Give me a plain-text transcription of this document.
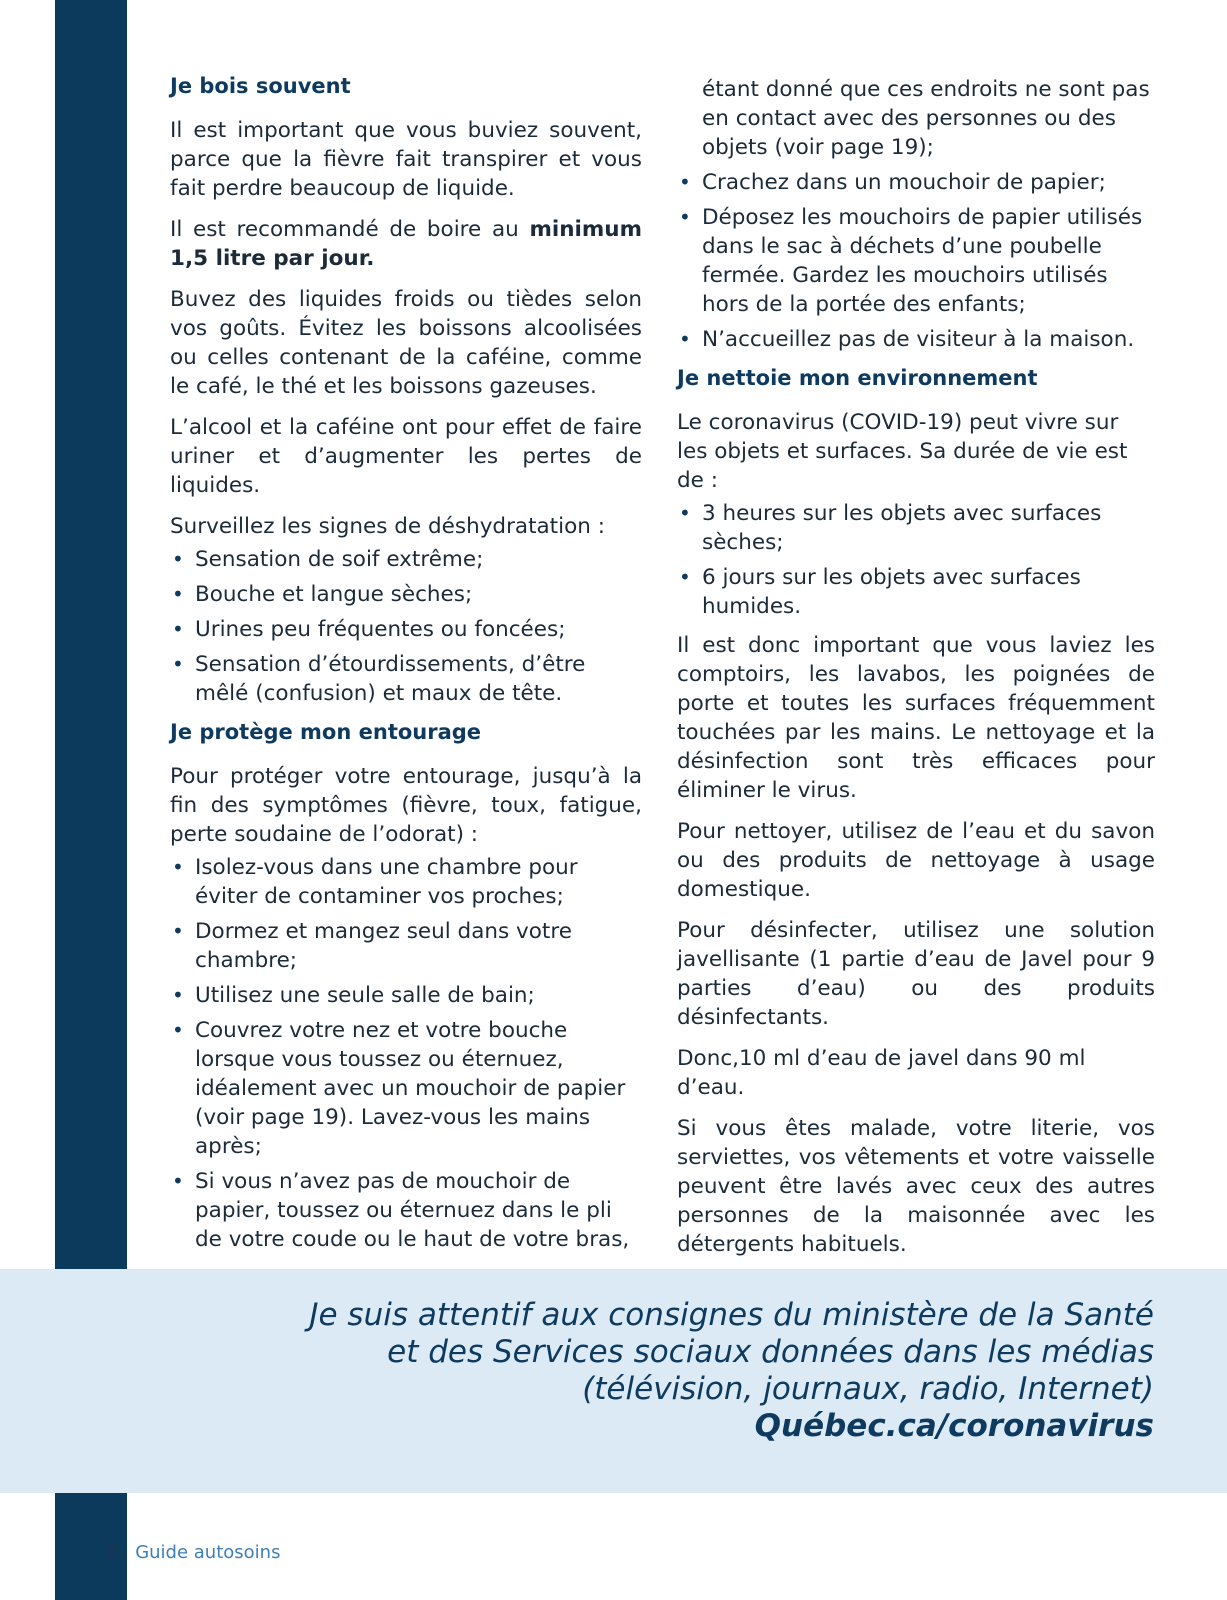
Je bois souvent

Il est important que vous buviez souvent, parce que la fièvre fait transpirer et vous fait perdre beaucoup de liquide.

Il est recommandé de boire au minimum 1,5 litre par jour.

Buvez des liquides froids ou tièdes selon vos goûts. Évitez les boissons alcoolisées ou celles contenant de la caféine, comme le café, le thé et les boissons gazeuses.

L’alcool et la caféine ont pour effet de faire uriner et d’augmenter les pertes de liquides.

Surveillez les signes de déshydratation :

• Sensation de soif extrême;
• Bouche et langue sèches;
• Urines peu fréquentes ou foncées;
• Sensation d’étourdissements, d’être mêlé (confusion) et maux de tête.
Je protège mon entourage

Pour protéger votre entourage, jusqu’à la fin des symptômes (fièvre, toux, fatigue, perte soudaine de l’odorat) :

• Isolez-vous dans une chambre pour éviter de contaminer vos proches;
• Dormez et mangez seul dans votre chambre;
• Utilisez une seule salle de bain;
• Couvrez votre nez et votre bouche lorsque vous toussez ou éternuez, idéalement avec un mouchoir de papier (voir page 19). Lavez-vous les mains après;
• Si vous n’avez pas de mouchoir de papier, toussez ou éternuez dans le pli de votre coude ou le haut de votre bras,
étant donné que ces endroits ne sont pas en contact avec des personnes ou des objets (voir page 19);
• Crachez dans un mouchoir de papier;
• Déposez les mouchoirs de papier utilisés dans le sac à déchets d’une poubelle fermée. Gardez les mouchoirs utilisés hors de la portée des enfants;
• N’accueillez pas de visiteur à la maison.
Je nettoie mon environnement

Le coronavirus (COVID-19) peut vivre sur les objets et surfaces. Sa durée de vie est de :

• 3 heures sur les objets avec surfaces sèches;
• 6 jours sur les objets avec surfaces humides.

Il est donc important que vous laviez les comptoirs, les lavabos, les poignées de porte et toutes les surfaces fréquemment touchées par les mains. Le nettoyage et la désinfection sont très efficaces pour éliminer le virus.

Pour nettoyer, utilisez de l’eau et du savon ou des produits de nettoyage à usage domestique.

Pour désinfecter, utilisez une solution javellisante (1 partie d’eau de Javel pour 9 parties d’eau) ou des produits désinfectants.

Donc,10 ml d’eau de javel dans 90 ml d’eau.

Si vous êtes malade, votre literie, vos serviettes, vos vêtements et votre vaisselle peuvent être lavés avec ceux des autres personnes de la maisonnée avec les détergents habituels.

Je suis attentif aux consignes du ministère de la Santé
et des Services sociaux données dans les médias
(télévision, journaux, radio, Internet)
Québec.ca/coronavirus
8 Guide autosoins
